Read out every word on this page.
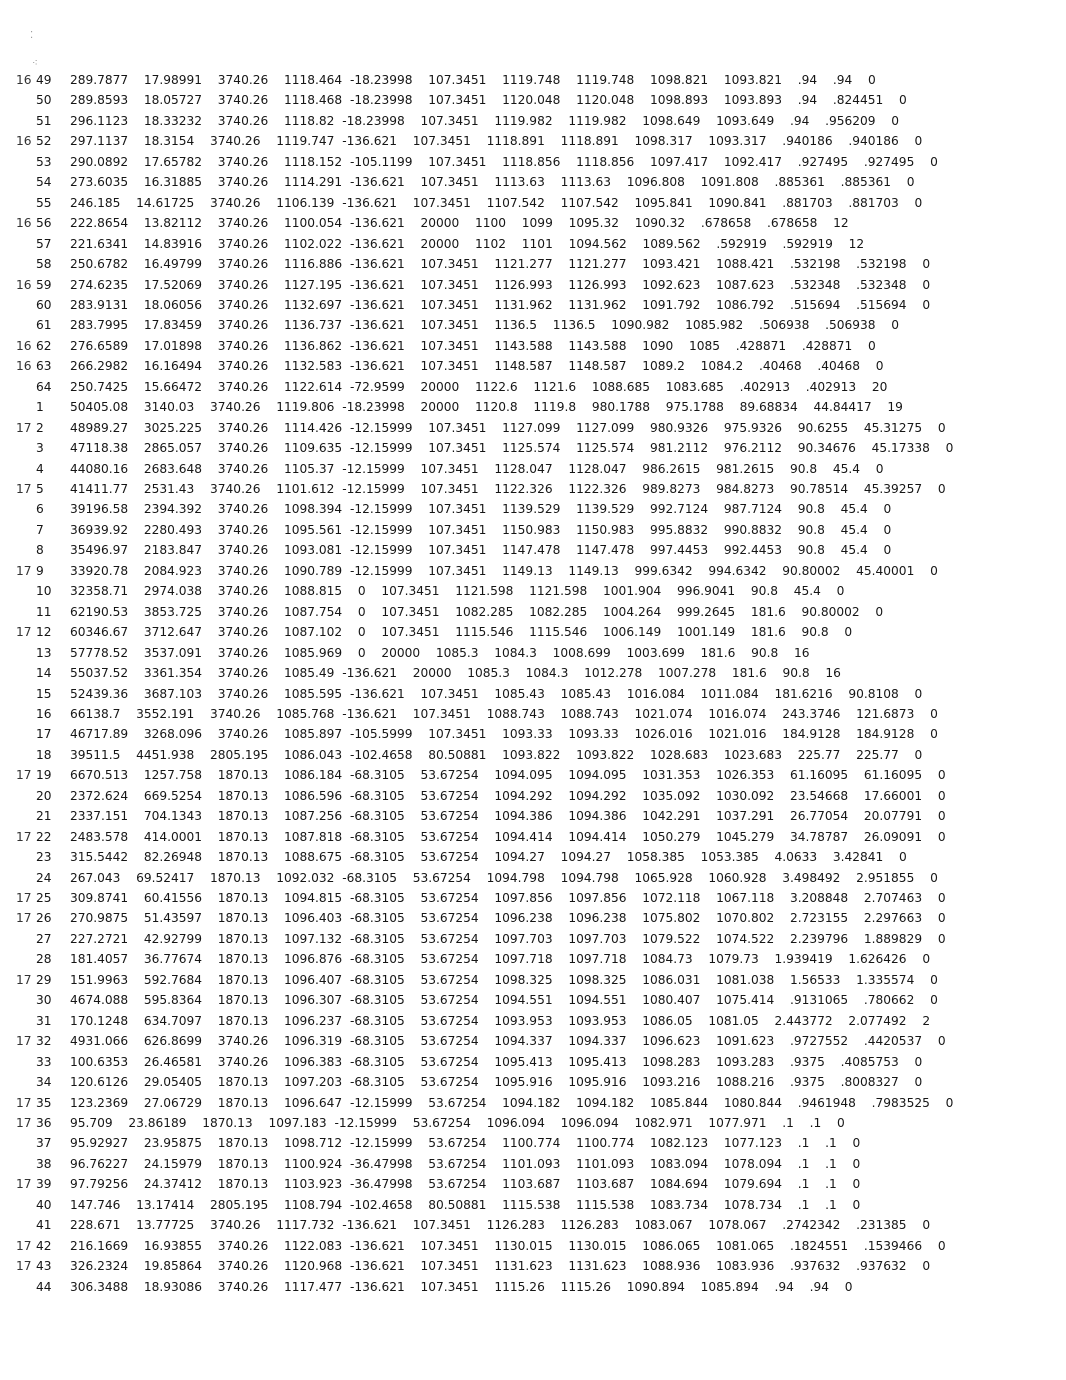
⁚
⁖
16 49	289.7877  17.98991  3740.26  1118.464 -18.23998  107.3451  1119.748  1119.748  1098.821  1093.821  .94  .94  0
50	289.8593  18.05727  3740.26  1118.468 -18.23998  107.3451  1120.048  1120.048  1098.893  1093.893  .94  .824451  0
51	296.1123  18.33232  3740.26  1118.82 -18.23998  107.3451  1119.982  1119.982  1098.649  1093.649  .94  .956209  0
16 52	297.1137  18.3154  3740.26  1119.747 -136.621  107.3451  1118.891  1118.891  1098.317  1093.317  .940186  .940186  0
53	290.0892  17.65782  3740.26  1118.152 -105.1199  107.3451  1118.856  1118.856  1097.417  1092.417  .927495  .927495  0
54	273.6035  16.31885  3740.26  1114.291 -136.621  107.3451  1113.63  1113.63  1096.808  1091.808  .885361  .885361  0
55	246.185  14.61725  3740.26  1106.139 -136.621  107.3451  1107.542  1107.542  1095.841  1090.841  .881703  .881703  0
16 56	222.8654  13.82112  3740.26  1100.054 -136.621  20000  1100  1099  1095.32  1090.32  .678658  .678658  12
57	221.6341  14.83916  3740.26  1102.022 -136.621  20000  1102  1101  1094.562  1089.562  .592919  .592919  12
58	250.6782  16.49799  3740.26  1116.886 -136.621  107.3451  1121.277  1121.277  1093.421  1088.421  .532198  .532198  0
16 59	274.6235  17.52069  3740.26  1127.195 -136.621  107.3451  1126.993  1126.993  1092.623  1087.623  .532348  .532348  0
60	283.9131  18.06056  3740.26  1132.697 -136.621  107.3451  1131.962  1131.962  1091.792  1086.792  .515694  .515694  0
61	283.7995  17.83459  3740.26  1136.737 -136.621  107.3451  1136.5  1136.5  1090.982  1085.982  .506938  .506938  0
16 62	276.6589  17.01898  3740.26  1136.862 -136.621  107.3451  1143.588  1143.588  1090  1085  .428871  .428871  0
16 63	266.2982  16.16494  3740.26  1132.583 -136.621  107.3451  1148.587  1148.587  1089.2  1084.2  .40468  .40468  0
64	250.7425  15.66472  3740.26  1122.614 -72.9599  20000  1122.6  1121.6  1088.685  1083.685  .402913  .402913  20
1	50405.08  3140.03  3740.26  1119.806 -18.23998  20000  1120.8  1119.8  980.1788  975.1788  89.68834  44.84417  19
17 2	48989.27  3025.225  3740.26  1114.426 -12.15999  107.3451  1127.099  1127.099  980.9326  975.9326  90.6255  45.31275  0
3	47118.38  2865.057  3740.26  1109.635 -12.15999  107.3451  1125.574  1125.574  981.2112  976.2112  90.34676  45.17338  0
4	44080.16  2683.648  3740.26  1105.37 -12.15999  107.3451  1128.047  1128.047  986.2615  981.2615  90.8  45.4  0
17 5	41411.77  2531.43  3740.26  1101.612 -12.15999  107.3451  1122.326  1122.326  989.8273  984.8273  90.78514  45.39257  0
6	39196.58  2394.392  3740.26  1098.394 -12.15999  107.3451  1139.529  1139.529  992.7124  987.7124  90.8  45.4  0
7	36939.92  2280.493  3740.26  1095.561 -12.15999  107.3451  1150.983  1150.983  995.8832  990.8832  90.8  45.4  0
8	35496.97  2183.847  3740.26  1093.081 -12.15999  107.3451  1147.478  1147.478  997.4453  992.4453  90.8  45.4  0
17 9	33920.78  2084.923  3740.26  1090.789 -12.15999  107.3451  1149.13  1149.13  999.6342  994.6342  90.80002  45.40001  0
10	32358.71  2974.038  3740.26  1088.815  0  107.3451  1121.598  1121.598  1001.904  996.9041  90.8  45.4  0
11	62190.53  3853.725  3740.26  1087.754  0  107.3451  1082.285  1082.285  1004.264  999.2645  181.6  90.80002  0
17 12	60346.67  3712.647  3740.26  1087.102  0  107.3451  1115.546  1115.546  1006.149  1001.149  181.6  90.8  0
13	57778.52  3537.091  3740.26  1085.969  0  20000  1085.3  1084.3  1008.699  1003.699  181.6  90.8  16
14	55037.52  3361.354  3740.26  1085.49 -136.621  20000  1085.3  1084.3  1012.278  1007.278  181.6  90.8  16
15	52439.36  3687.103  3740.26  1085.595 -136.621  107.3451  1085.43  1085.43  1016.084  1011.084  181.6216  90.8108  0
16	66138.7  3552.191  3740.26  1085.768 -136.621  107.3451  1088.743  1088.743  1021.074  1016.074  243.3746  121.6873  0
17	46717.89  3268.096  3740.26  1085.897 -105.5999  107.3451  1093.33  1093.33  1026.016  1021.016  184.9128  184.9128  0
18	39511.5  4451.938  2805.195  1086.043 -102.4658  80.50881  1093.822  1093.822  1028.683  1023.683  225.77  225.77  0
17 19	6670.513  1257.758  1870.13  1086.184 -68.3105  53.67254  1094.095  1094.095  1031.353  1026.353  61.16095  61.16095  0
20	2372.624  669.5254  1870.13  1086.596 -68.3105  53.67254  1094.292  1094.292  1035.092  1030.092  23.54668  17.66001  0
21	2337.151  704.1343  1870.13  1087.256 -68.3105  53.67254  1094.386  1094.386  1042.291  1037.291  26.77054  20.07791  0
17 22	2483.578  414.0001  1870.13  1087.818 -68.3105  53.67254  1094.414  1094.414  1050.279  1045.279  34.78787  26.09091  0
23	315.5442  82.26948  1870.13  1088.675 -68.3105  53.67254  1094.27  1094.27  1058.385  1053.385  4.0633  3.42841  0
24	267.043  69.52417  1870.13  1092.032 -68.3105  53.67254  1094.798  1094.798  1065.928  1060.928  3.498492  2.951855  0
17 25	309.8741  60.41556  1870.13  1094.815 -68.3105  53.67254  1097.856  1097.856  1072.118  1067.118  3.208848  2.707463  0
17 26	270.9875  51.43597  1870.13  1096.403 -68.3105  53.67254  1096.238  1096.238  1075.802  1070.802  2.723155  2.297663  0
27	227.2721  42.92799  1870.13  1097.132 -68.3105  53.67254  1097.703  1097.703  1079.522  1074.522  2.239796  1.889829  0
28	181.4057  36.77674  1870.13  1096.876 -68.3105  53.67254  1097.718  1097.718  1084.73  1079.73  1.939419  1.626426  0
17 29	151.9963  592.7684  1870.13  1096.407 -68.3105  53.67254  1098.325  1098.325  1086.031  1081.038  1.56533  1.335574  0
30	4674.088  595.8364  1870.13  1096.307 -68.3105  53.67254  1094.551  1094.551  1080.407  1075.414  .9131065  .780662  0
31	170.1248  634.7097  1870.13  1096.237 -68.3105  53.67254  1093.953  1093.953  1086.05  1081.05  2.443772  2.077492  2
17 32	4931.066  626.8699  3740.26  1096.319 -68.3105  53.67254  1094.337  1094.337  1096.623  1091.623  .9727552  .4420537  0
33	100.6353  26.46581  3740.26  1096.383 -68.3105  53.67254  1095.413  1095.413  1098.283  1093.283  .9375  .4085753  0
34	120.6126  29.05405  1870.13  1097.203 -68.3105  53.67254  1095.916  1095.916  1093.216  1088.216  .9375  .8008327  0
17 35	123.2369  27.06729  1870.13  1096.647 -12.15999  53.67254  1094.182  1094.182  1085.844  1080.844  .9461948  .7983525  0
17 36	95.709  23.86189  1870.13  1097.183 -12.15999  53.67254  1096.094  1096.094  1082.971  1077.971  .1  .1  0
37	95.92927  23.95875  1870.13  1098.712 -12.15999  53.67254  1100.774  1100.774  1082.123  1077.123  .1  .1  0
38	96.76227  24.15979  1870.13  1100.924 -36.47998  53.67254  1101.093  1101.093  1083.094  1078.094  .1  .1  0
17 39	97.79256  24.37412  1870.13  1103.923 -36.47998  53.67254  1103.687  1103.687  1084.694  1079.694  .1  .1  0
40	147.746  13.17414  2805.195  1108.794 -102.4658  80.50881  1115.538  1115.538  1083.734  1078.734  .1  .1  0
41	228.671  13.77725  3740.26  1117.732 -136.621  107.3451  1126.283  1126.283  1083.067  1078.067  .2742342  .231385  0
17 42	216.1669  16.93855  3740.26  1122.083 -136.621  107.3451  1130.015  1130.015  1086.065  1081.065  .1824551  .1539466  0
17 43	326.2324  19.85864  3740.26  1120.968 -136.621  107.3451  1131.623  1131.623  1088.936  1083.936  .937632  .937632  0
44	306.3488  18.93086  3740.26  1117.477 -136.621  107.3451  1115.26  1115.26  1090.894  1085.894  .94  .94  0
